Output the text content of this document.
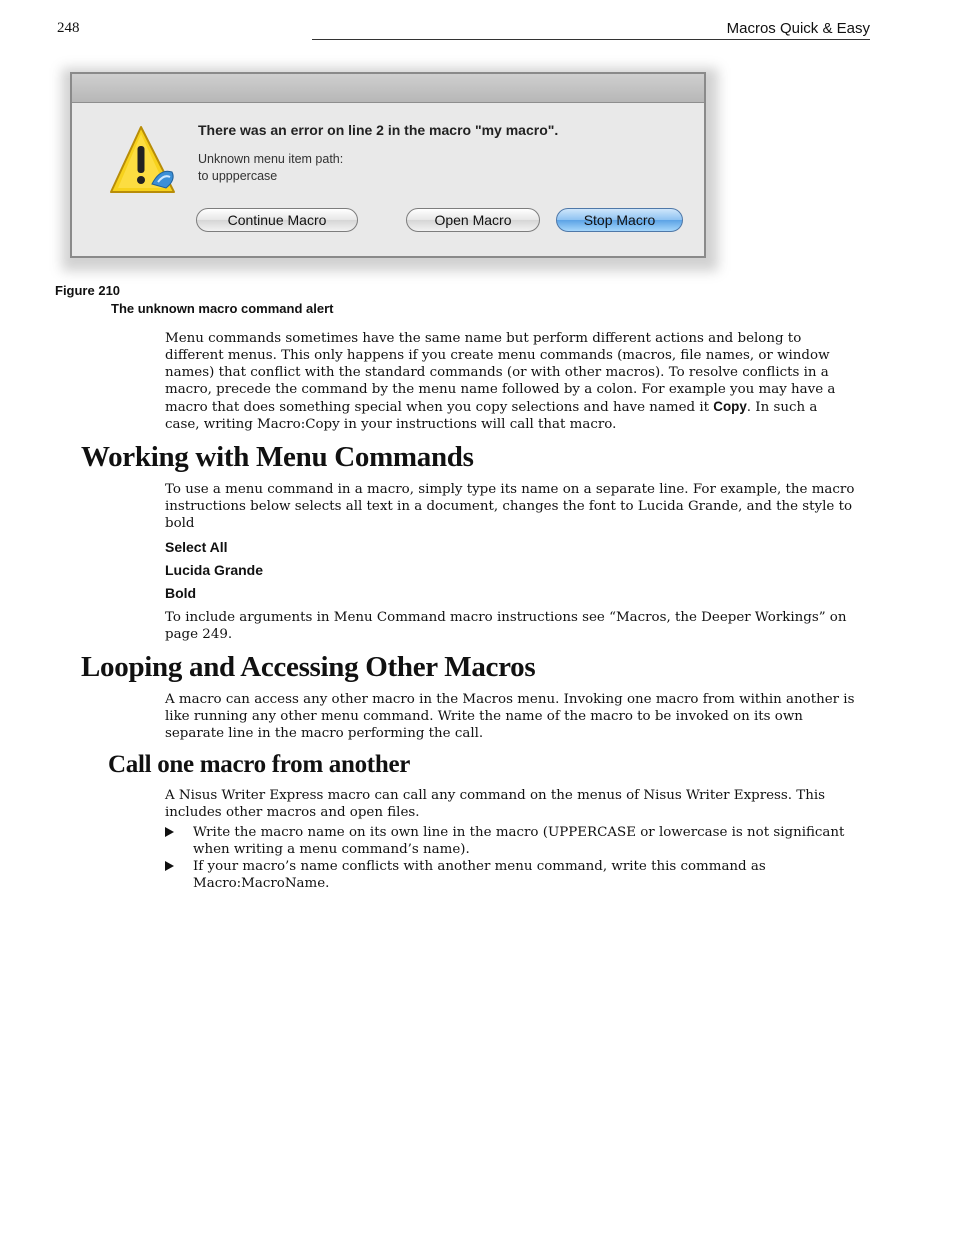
248	Macros Quick & Easy
There was an error on line 2 in the macro "my macro".
Unknown menu item path:
to upppercase
Continue Macro	Open Macro	Stop Macro
Figure 210
The unknown macro command alert
Menu commands sometimes have the same name but perform different actions and belong to different menus. This only happens if you create menu commands (macros, file names, or window names) that conflict with the standard commands (or with other macros). To resolve conflicts in a macro, precede the command by the menu name followed by a colon. For example you may have a macro that does something special when you copy selections and have named it Copy. In such a case, writing Macro:Copy in your instructions will call that macro.
Working with Menu Commands
To use a menu command in a macro, simply type its name on a separate line. For example, the macro instructions below selects all text in a document, changes the font to Lucida Grande, and the style to bold
Select All
Lucida Grande
Bold
To include arguments in Menu Command macro instructions see “Macros, the Deeper Workings” on page 249.
Looping and Accessing Other Macros
A macro can access any other macro in the Macros menu. Invoking one macro from within another is like running any other menu command. Write the name of the macro to be invoked on its own separate line in the macro performing the call.
Call one macro from another
A Nisus Writer Express macro can call any command on the menus of Nisus Writer Express. This includes other macros and open files.
Write the macro name on its own line in the macro (UPPERCASE or lowercase is not significant when writing a menu command’s name).
If your macro’s name conflicts with another menu command, write this command as Macro:MacroName.
